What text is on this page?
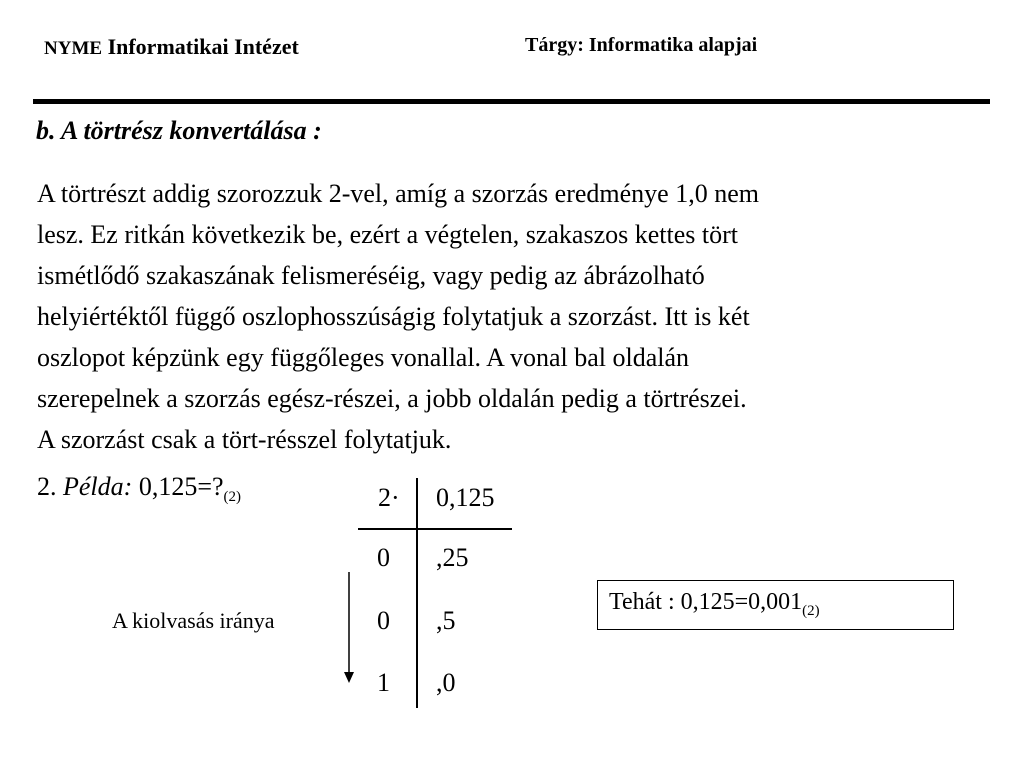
NYME Informatikai Intézet	Tárgy: Informatika alapjai
b. A törtrész konvertálása :
A törtrészt addig szorozzuk 2-vel, amíg a szorzás eredménye 1,0 nem
lesz. Ez ritkán következik be, ezért a végtelen, szakaszos kettes tört
ismétlődő szakaszának felismeréséig, vagy pedig az ábrázolható
helyiértéktől függő oszlophosszúságig folytatjuk a szorzást. Itt is két
oszlopot képzünk egy függőleges vonallal. A vonal bal oldalán
szerepelnek a szorzás egész-részei, a jobb oldalán pedig a törtrészei.
A szorzást csak a tört-résszel folytatjuk.
2. Példa: $0,125=?_{(2)}$	2· 0,125
0 ,25
0 ,5
1 ,0
A kiolvasás iránya
Tehát : $0,125=0,001_{(2)}$
